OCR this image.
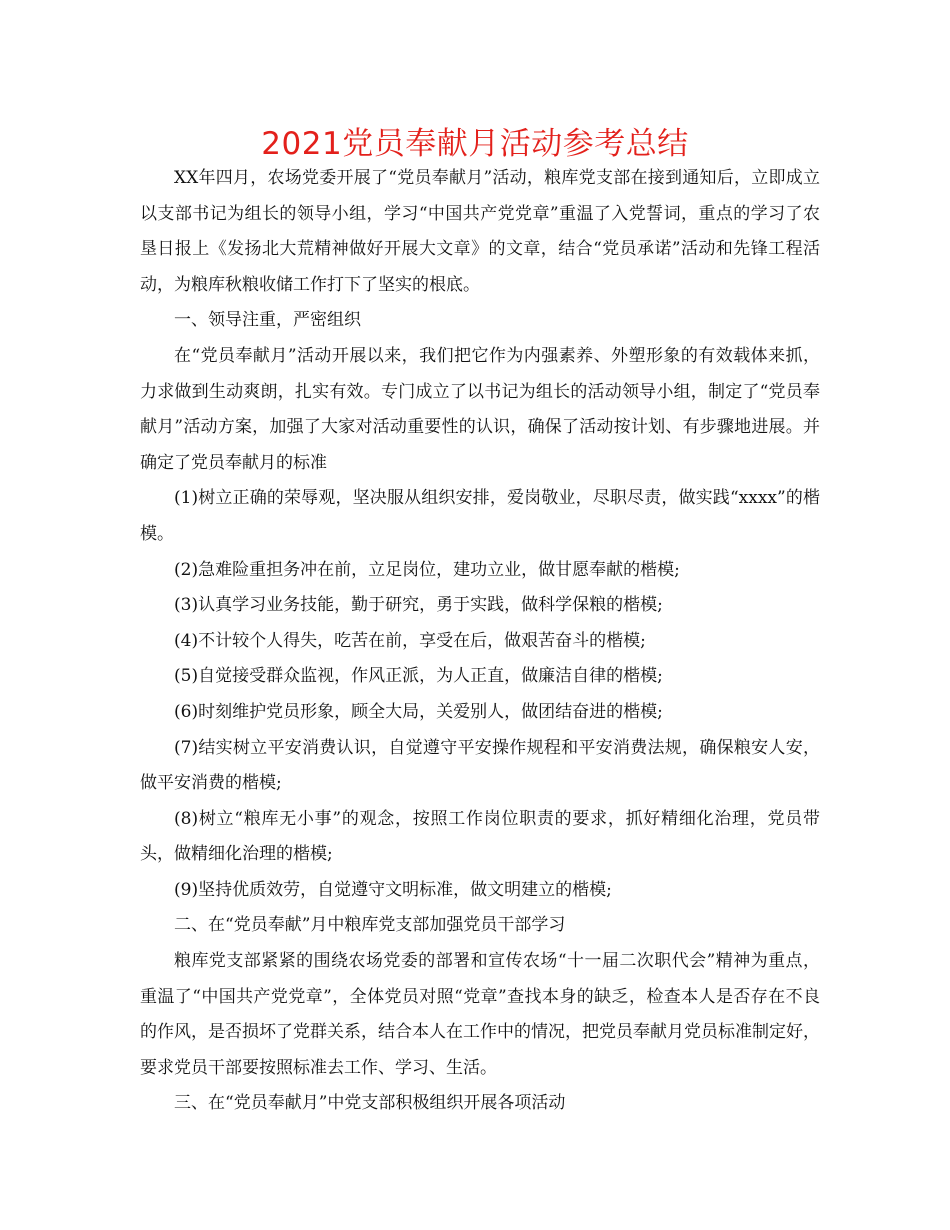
2021党员奉献月活动参考总结

XX年四月，农场党委开展了“党员奉献月”活动，粮库党支部在接到通知后，立即成立以支部书记为组长的领导小组，学习“中国共产党党章”重温了入党誓词，重点的学习了农垦日报上《发扬北大荒精神做好开展大文章》的文章，结合“党员承诺”活动和先锋工程活动，为粮库秋粮收储工作打下了坚实的根底。

一、领导注重，严密组织

在“党员奉献月”活动开展以来，我们把它作为内强素养、外塑形象的有效载体来抓，力求做到生动爽朗，扎实有效。专门成立了以书记为组长的活动领导小组，制定了“党员奉献月”活动方案，加强了大家对活动重要性的认识，确保了活动按计划、有步骤地进展。并确定了党员奉献月的标准

(1)树立正确的荣辱观，坚决服从组织安排，爱岗敬业，尽职尽责，做实践“xxxx”的楷模。

(2)急难险重担务冲在前，立足岗位，建功立业，做甘愿奉献的楷模;

(3)认真学习业务技能，勤于研究，勇于实践，做科学保粮的楷模;

(4)不计较个人得失，吃苦在前，享受在后，做艰苦奋斗的楷模;

(5)自觉接受群众监视，作风正派，为人正直，做廉洁自律的楷模;

(6)时刻维护党员形象，顾全大局，关爱别人，做团结奋进的楷模;

(7)结实树立平安消费认识，自觉遵守平安操作规程和平安消费法规，确保粮安人安，做平安消费的楷模;

(8)树立“粮库无小事”的观念，按照工作岗位职责的要求，抓好精细化治理，党员带头，做精细化治理的楷模;

(9)坚持优质效劳，自觉遵守文明标准，做文明建立的楷模;

二、在“党员奉献”月中粮库党支部加强党员干部学习

粮库党支部紧紧的围绕农场党委的部署和宣传农场“十一届二次职代会”精神为重点，重温了“中国共产党党章”，全体党员对照“党章”查找本身的缺乏，检查本人是否存在不良的作风，是否损坏了党群关系，结合本人在工作中的情况，把党员奉献月党员标准制定好，要求党员干部要按照标准去工作、学习、生活。

三、在“党员奉献月”中党支部积极组织开展各项活动
